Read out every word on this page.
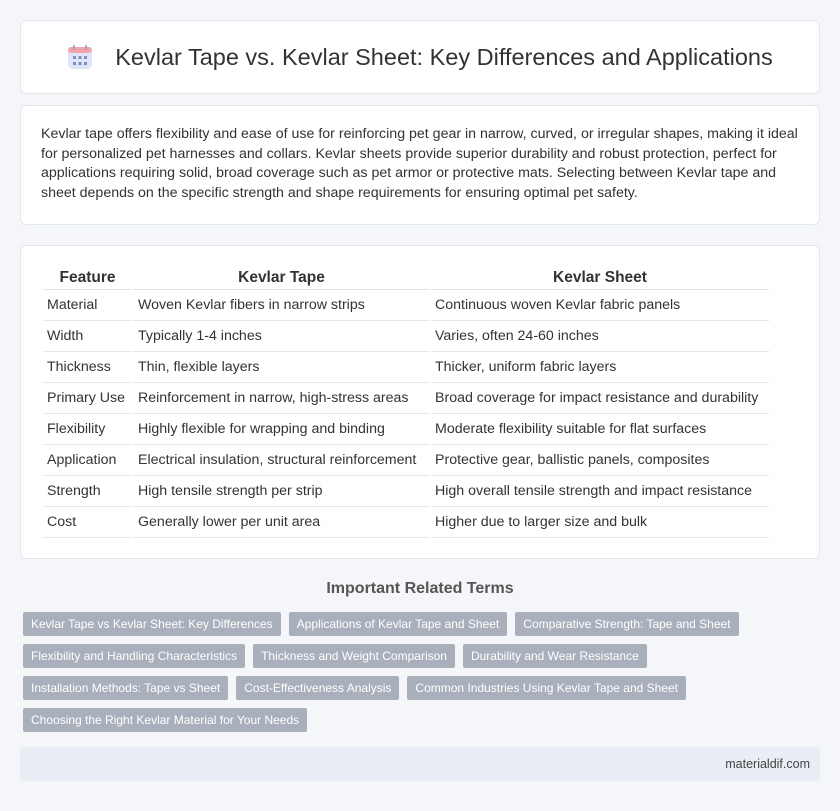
Kevlar Tape vs. Kevlar Sheet: Key Differences and Applications

Kevlar tape offers flexibility and ease of use for reinforcing pet gear in narrow, curved, or irregular shapes, making it ideal for personalized pet harnesses and collars. Kevlar sheets provide superior durability and robust protection, perfect for applications requiring solid, broad coverage such as pet armor or protective mats. Selecting between Kevlar tape and sheet depends on the specific strength and shape requirements for ensuring optimal pet safety.

Feature	Kevlar Tape	Kevlar Sheet
Material	Woven Kevlar fibers in narrow strips	Continuous woven Kevlar fabric panels
Width	Typically 1-4 inches	Varies, often 24-60 inches
Thickness	Thin, flexible layers	Thicker, uniform fabric layers
Primary Use	Reinforcement in narrow, high-stress areas	Broad coverage for impact resistance and durability
Flexibility	Highly flexible for wrapping and binding	Moderate flexibility suitable for flat surfaces
Application	Electrical insulation, structural reinforcement	Protective gear, ballistic panels, composites
Strength	High tensile strength per strip	High overall tensile strength and impact resistance
Cost	Generally lower per unit area	Higher due to larger size and bulk
Important Related Terms
Kevlar Tape vs Kevlar Sheet: Key Differences	Applications of Kevlar Tape and Sheet	Comparative Strength: Tape and Sheet
Flexibility and Handling Characteristics	Thickness and Weight Comparison	Durability and Wear Resistance
Installation Methods: Tape vs Sheet	Cost-Effectiveness Analysis	Common Industries Using Kevlar Tape and Sheet
Choosing the Right Kevlar Material for Your Needs
materialdif.com
